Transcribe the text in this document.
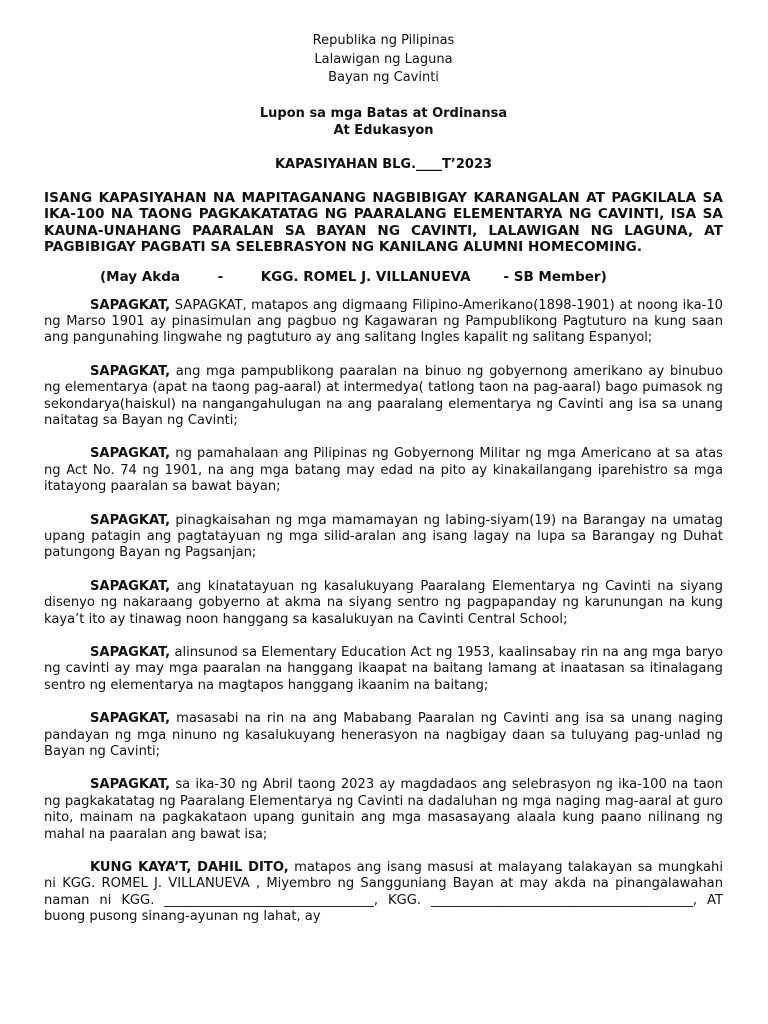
Republika ng Pilipinas
Lalawigan ng Laguna
Bayan ng Cavinti
Lupon sa mga Batas at Ordinansa
At Edukasyon
KAPASIYAHAN BLG.____T’2023
ISANG KAPASIYAHAN NA MAPITAGANANG NAGBIBIGAY KARANGALAN AT PAGKILALA SA IKA-100 NA TAONG PAGKAKATATAG NG PAARALANG ELEMENTARYA NG CAVINTI, ISA SA KAUNA-UNAHANG PAARALAN SA BAYAN NG CAVINTI, LALAWIGAN NG LAGUNA, AT PAGBIBIGAY PAGBATI SA SELEBRASYON NG KANILANG ALUMNI HOMECOMING.
(May Akda        -        KGG. ROMEL J. VILLANUEVA       - SB Member)
SAPAGKAT, SAPAGKAT, matapos ang digmaang Filipino-Amerikano(1898-1901) at noong ika-10 ng Marso 1901 ay pinasimulan ang pagbuo ng Kagawaran ng Pampublikong Pagtuturo na kung saan ang pangunahing lingwahe ng pagtuturo ay ang salitang Ingles kapalit ng salitang Espanyol;
SAPAGKAT, ang mga pampublikong paaralan na binuo ng gobyernong amerikano ay binubuo ng elementarya (apat na taong pag-aaral) at intermedya( tatlong taon na pag-aaral) bago pumasok ng sekondarya(haiskul) na nangangahulugan na ang paaralang elementarya ng Cavinti ang isa sa unang naitatag sa Bayan ng Cavinti;
SAPAGKAT, ng pamahalaan ang Pilipinas ng Gobyernong Militar ng mga Americano at sa atas ng Act No. 74 ng 1901, na ang mga batang may edad na pito ay kinakailangang iparehistro sa mga itatayong paaralan sa bawat bayan;
SAPAGKAT, pinagkaisahan ng mga mamamayan ng labing-siyam(19) na Barangay na umatag upang patagin ang pagtatayuan ng mga silid-aralan ang isang lagay na lupa sa Barangay ng Duhat patungong Bayan ng Pagsanjan;
SAPAGKAT, ang kinatatayuan ng kasalukuyang Paaralang Elementarya ng Cavinti na siyang disenyo ng nakaraang gobyerno at akma na siyang sentro ng pagpapanday ng karunungan na kung kaya’t ito ay tinawag noon hanggang sa kasalukuyan na Cavinti Central School;
SAPAGKAT, alinsunod sa Elementary Education Act ng 1953, kaalinsabay rin na ang mga baryo ng cavinti ay may mga paaralan na hanggang ikaapat na baitang lamang at inaatasan sa itinalagang sentro ng elementarya na magtapos hanggang ikaanim na baitang;
SAPAGKAT, masasabi na rin na ang Mababang Paaralan ng Cavinti ang isa sa unang naging pandayan ng mga ninuno ng kasalukuyang henerasyon na nagbigay daan sa tuluyang pag-unlad ng Bayan ng Cavinti;
SAPAGKAT, sa ika-30 ng Abril taong 2023 ay magdadaos ang selebrasyon ng ika-100 na taon ng pagkakatatag ng Paaralang Elementarya ng Cavinti na dadaluhan ng mga naging mag-aaral at guro nito, mainam na pagkakataon upang gunitain ang mga masasayang alaala kung paano nilinang ng mahal na paaralan ang bawat isa;
KUNG KAYA’T, DAHIL DITO, matapos ang isang masusi at malayang talakayan sa mungkahi ni KGG. ROMEL J. VILLANUEVA , Miyembro ng Sangguniang Bayan at may akda na pinangalawahan naman ni KGG. ________________________________, KGG. ________________________________________, AT buong pusong sinang-ayunan ng lahat, ay
